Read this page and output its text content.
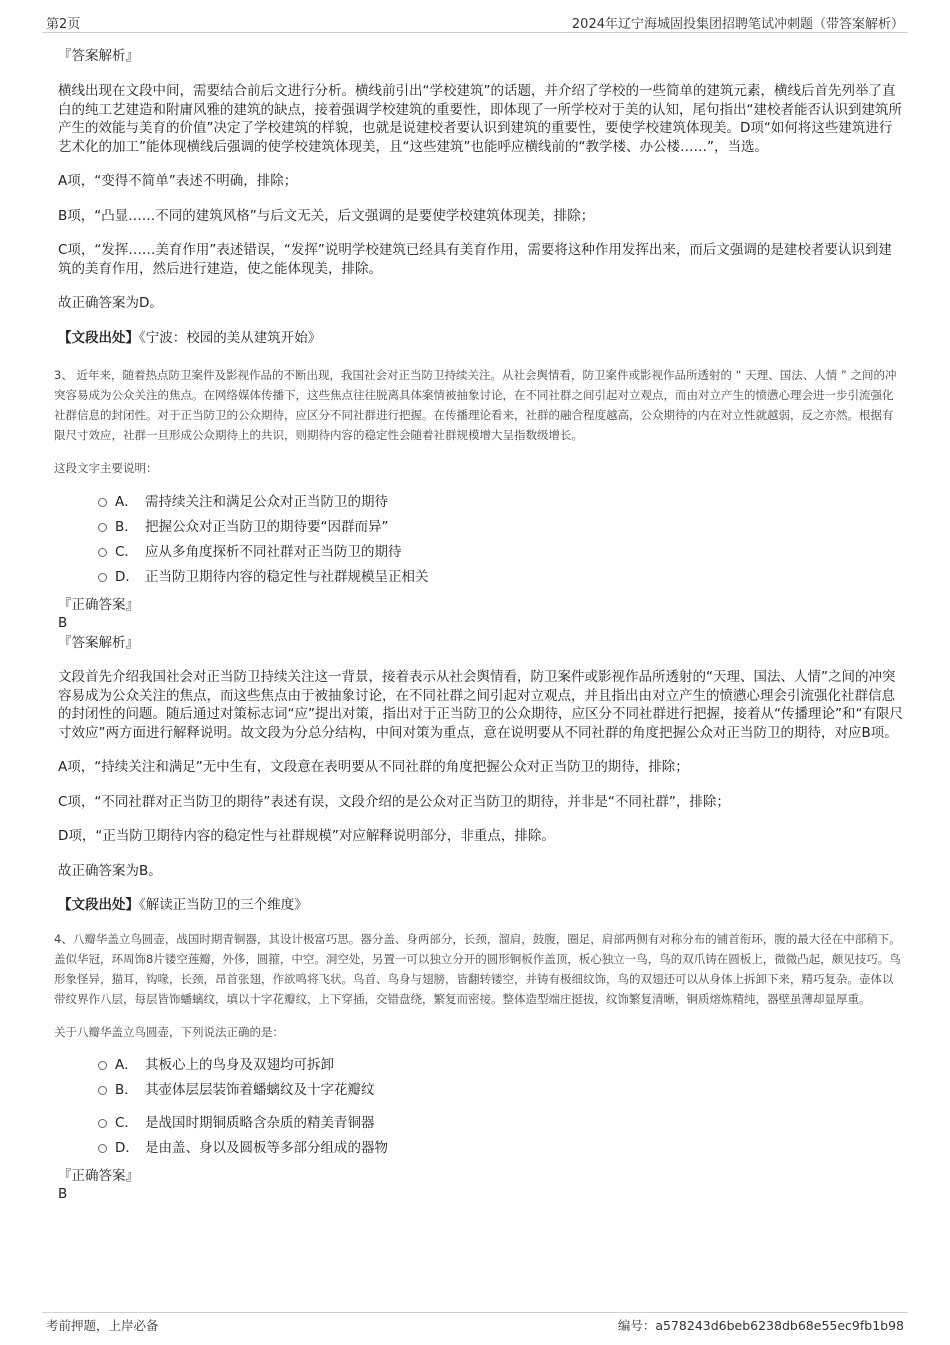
第2页	2024年辽宁海城固投集团招聘笔试冲刺题（带答案解析）

『答案解析』

横线出现在文段中间，需要结合前后文进行分析。横线前引出“学校建筑”的话题，并介绍了学校的一些简单的建筑元素，横线后首先列举了直白的纯工艺建造和附庸风雅的建筑的缺点，接着强调学校建筑的重要性，即体现了一所学校对于美的认知，尾句指出“建校者能否认识到建筑所产生的效能与美育的价值”决定了学校建筑的样貌，也就是说建校者要认识到建筑的重要性，要使学校建筑体现美。D项“如何将这些建筑进行艺术化的加工”能体现横线后强调的使学校建筑体现美，且“这些建筑”也能呼应横线前的“教学楼、办公楼……”，当选。

A项，“变得不简单”表述不明确，排除；

B项，“凸显……不同的建筑风格”与后文无关，后文强调的是要使学校建筑体现美，排除；

C项，“发挥……美育作用”表述错误，“发挥”说明学校建筑已经具有美育作用，需要将这种作用发挥出来，而后文强调的是建校者要认识到建筑的美育作用，然后进行建造，使之能体现美，排除。

故正确答案为D。

【文段出处】《宁波：校园的美从建筑开始》

3、 近年来，随着热点防卫案件及影视作品的不断出现，我国社会对正当防卫持续关注。从社会舆情看，防卫案件或影视作品所透射的 “ 天理、国法、人情 ” 之间的冲突容易成为公众关注的焦点。在网络媒体传播下，这些焦点往往脱离具体案情被抽象讨论，在不同社群之间引起对立观点，而由对立产生的愤懑心理会进一步引流强化社群信息的封闭性。对于正当防卫的公众期待，应区分不同社群进行把握。在传播理论看来，社群的融合程度越高，公众期待的内在对立性就越弱，反之亦然。根据有限尺寸效应，社群一旦形成公众期待上的共识，则期待内容的稳定性会随着社群规模增大呈指数级增长。

这段文字主要说明：

A． 需持续关注和满足公众对正当防卫的期待
B． 把握公众对正当防卫的期待要“因群而异”
C． 应从多角度探析不同社群对正当防卫的期待
D． 正当防卫期待内容的稳定性与社群规模呈正相关

『正确答案』

B

『答案解析』

文段首先介绍我国社会对正当防卫持续关注这一背景，接着表示从社会舆情看，防卫案件或影视作品所透射的“天理、国法、人情”之间的冲突容易成为公众关注的焦点，而这些焦点由于被抽象讨论，在不同社群之间引起对立观点，并且指出由对立产生的愤懑心理会引流强化社群信息的封闭性的问题。随后通过对策标志词“应”提出对策，指出对于正当防卫的公众期待，应区分不同社群进行把握，接着从“传播理论”和“有限尺寸效应”两方面进行解释说明。故文段为分总分结构，中间对策为重点，意在说明要从不同社群的角度把握公众对正当防卫的期待，对应B项。

A项，“持续关注和满足”无中生有，文段意在表明要从不同社群的角度把握公众对正当防卫的期待，排除；

C项，“不同社群对正当防卫的期待”表述有误，文段介绍的是公众对正当防卫的期待，并非是“不同社群”，排除；

D项，“正当防卫期待内容的稳定性与社群规模”对应解释说明部分，非重点，排除。

故正确答案为B。

【文段出处】《解读正当防卫的三个维度》

4、八瓣华盖立鸟圆壶，战国时期青铜器，其设计极富巧思。器分盖、身两部分，长颈，溜肩，鼓腹，圈足，肩部两侧有对称分布的铺首衔环，腹的最大径在中部稍下。盖似华冠，环周饰8片镂空莲瓣，外侈，圆箍，中空。洞空处，另置一可以独立分开的圆形铜板作盖顶，板心独立一鸟，鸟的双爪铸在圆板上，微微凸起，颇见技巧。鸟形象怪异，猫耳，钩喙，长颈，昂首张翅，作欲鸣将飞状。鸟首、鸟身与翅膀，皆翻转镂空，并铸有极细纹饰，鸟的双翅还可以从身体上拆卸下来，精巧复杂。壶体以带纹界作八层，每层皆饰蟠螭纹，填以十字花瓣纹，上下穿插，交错盘绕，繁复而密接。整体造型端庄挺拔，纹饰繁复清晰，铜质熔炼精纯，器壁虽薄却显厚重。

关于八瓣华盖立鸟圆壶，下列说法正确的是：

A． 其板心上的鸟身及双翅均可拆卸
B． 其壶体层层装饰着蟠螭纹及十字花瓣纹
C． 是战国时期铜质略含杂质的精美青铜器
D． 是由盖、身以及圆板等多部分组成的器物

『正确答案』

B

考前押题，上岸必备	编号：a578243d6beb6238db68e55ec9fb1b98
